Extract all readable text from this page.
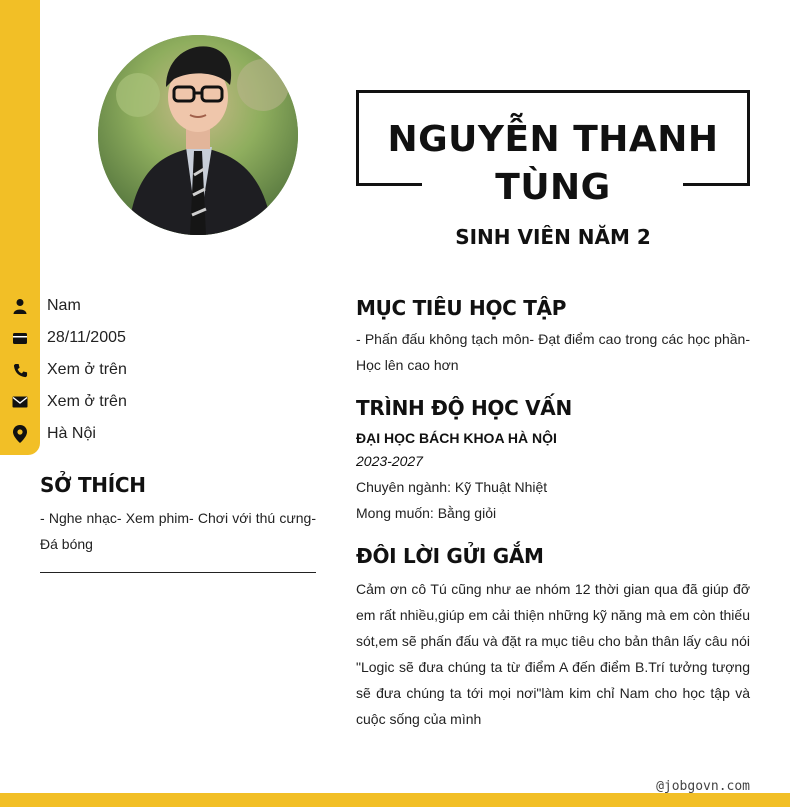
NGUYỄN THANH
TÙNG
SINH VIÊN NĂM 2
Nam
28/11/2005
Xem ở trên
Xem ở trên
Hà Nội
SỞ THÍCH
- Nghe nhạc- Xem phim- Chơi với thú cưng- Đá bóng
MỤC TIÊU HỌC TẬP
- Phấn đấu không tạch môn- Đạt điểm cao trong các học phần- Học lên cao hơn
TRÌNH ĐỘ HỌC VẤN
ĐẠI HỌC BÁCH KHOA HÀ NỘI
2023-2027
Chuyên ngành: Kỹ Thuật Nhiệt
Mong muốn: Bằng giỏi
ĐÔI LỜI GỬI GẮM
Cảm ơn cô Tú cũng như ae nhóm 12 thời gian qua đã giúp đỡ em rất nhiều,giúp em cải thiện những kỹ năng mà em còn thiếu sót,em sẽ phấn đấu và đặt ra mục tiêu cho bản thân lấy câu nói "Logic sẽ đưa chúng ta từ điểm A đến điểm B.Trí tưởng tượng sẽ đưa chúng ta tới mọi nơi"làm kim chỉ Nam cho học tập và cuộc sống của mình
@jobgovn.com
